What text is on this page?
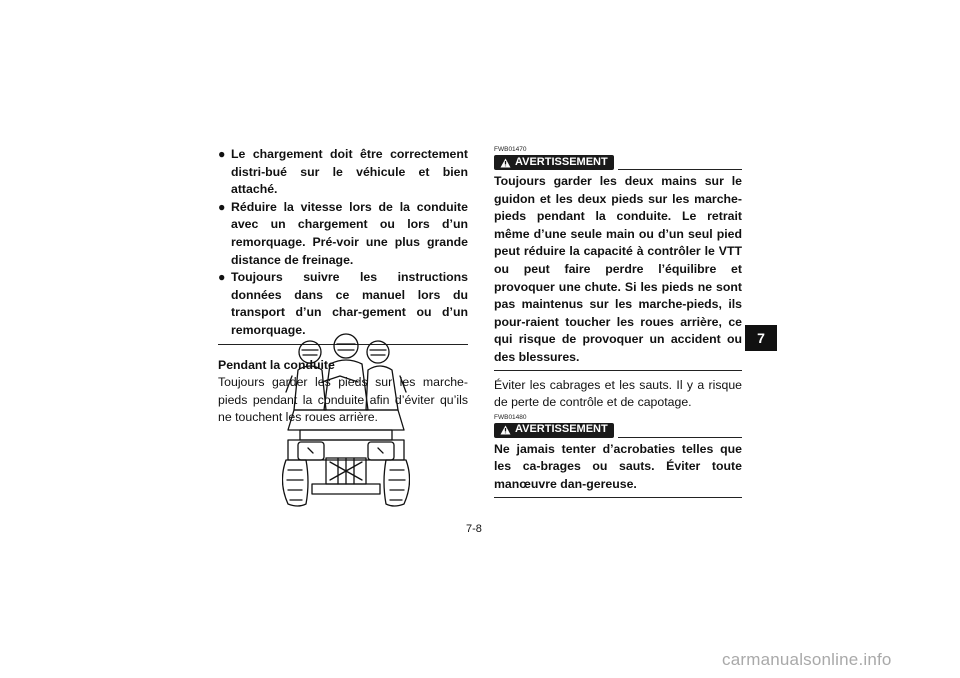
● Le chargement doit être correctement distri-bué sur le véhicule et bien attaché.
● Réduire la vitesse lors de la conduite avec un chargement ou lors d’un remorquage. Pré-voir une plus grande distance de freinage.
● Toujours suivre les instructions données dans ce manuel lors du transport d’un char-gement ou d’un remorquage.
Pendant la conduite
Toujours garder les pieds sur les marche-pieds pendant la conduite afin d’éviter qu’ils ne touchent les roues arrière.
FWB01470
AVERTISSEMENT
Toujours garder les deux mains sur le guidon et les deux pieds sur les marche-pieds pendant la conduite. Le retrait même d’une seule main ou d’un seul pied peut réduire la capacité à contrôler le VTT ou peut faire perdre l’équilibre et provoquer une chute. Si les pieds ne sont pas maintenus sur les marche-pieds, ils pour-raient toucher les roues arrière, ce qui risque de provoquer un accident ou des blessures.
Éviter les cabrages et les sauts. Il y a risque de perte de contrôle et de capotage.
FWB01480
AVERTISSEMENT
Ne jamais tenter d’acrobaties telles que les ca-brages ou sauts. Éviter toute manœuvre dan-gereuse.
7
7-8
carmanualsonline.info
